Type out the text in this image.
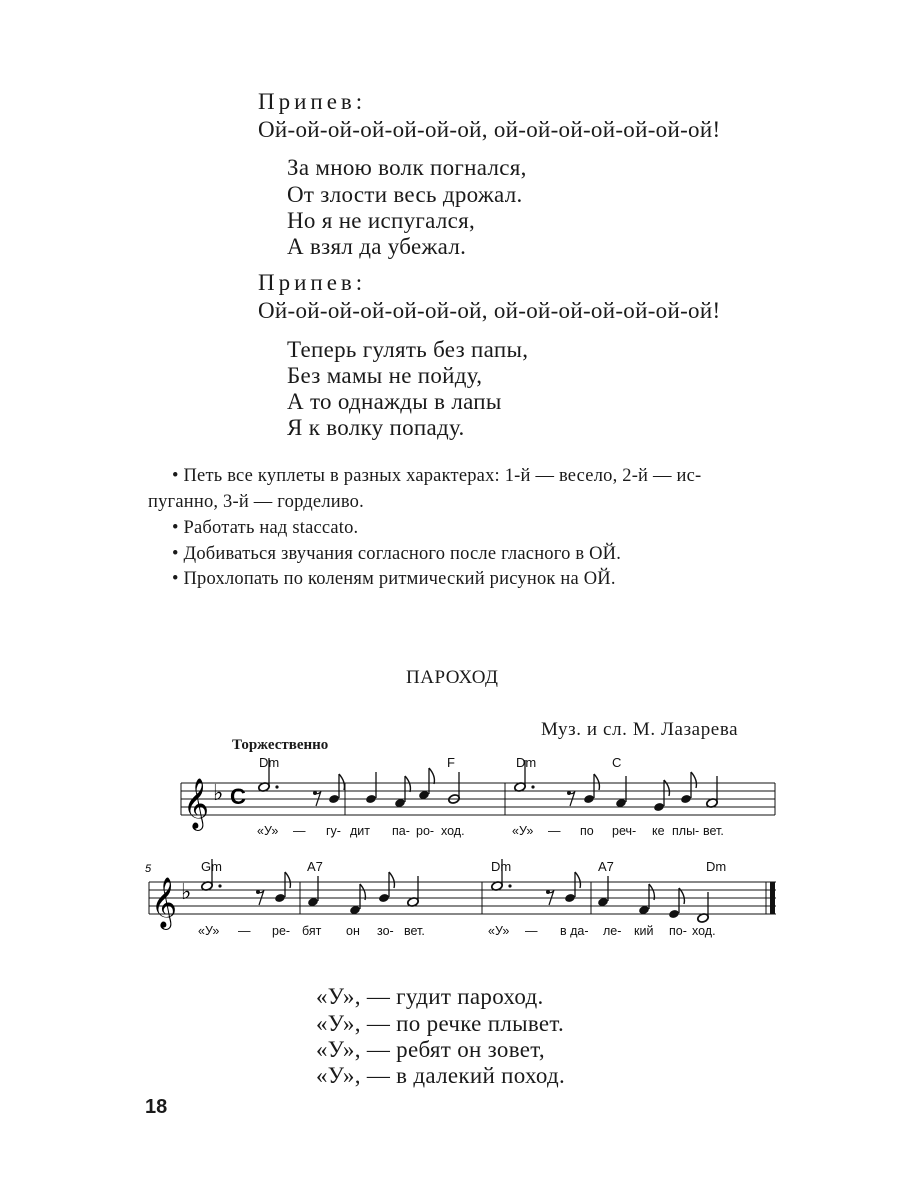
Припев:
Ой-ой-ой-ой-ой-ой-ой, ой-ой-ой-ой-ой-ой-ой!
За мною волк погнался,
От злости весь дрожал.
Но я не испугался,
А взял да убежал.
Припев:
Ой-ой-ой-ой-ой-ой-ой, ой-ой-ой-ой-ой-ой-ой!
Теперь гулять без папы,
Без мамы не пойду,
А то однажды в лапы
Я к волку попаду.
• Петь все куплеты в разных характерах: 1-й — весело, 2-й — ис-
пуганно, 3-й — горделиво.
• Работать над staccato.
• Добиваться звучания согласного после гласного в ОЙ.
• Прохлопать по коленям ритмический рисунок на ОЙ.
ПАРОХОД
Муз. и сл. М. Лазарева
Торжественно
𝄞 ♭ C
Dm	F	Dm	C
«У» — гу- дит па- ро- ход.	«У» — по реч- ке плы- вет.
5
𝄞 ♭
Gm	A7	Dm	A7	Dm
«У» — ре- бят он зо- вет.	«У» — в да- ле- кий по- ход.
«У», — гудит пароход.
«У», — по речке плывет.
«У», — ребят он зовет,
«У», — в далекий поход.
18
